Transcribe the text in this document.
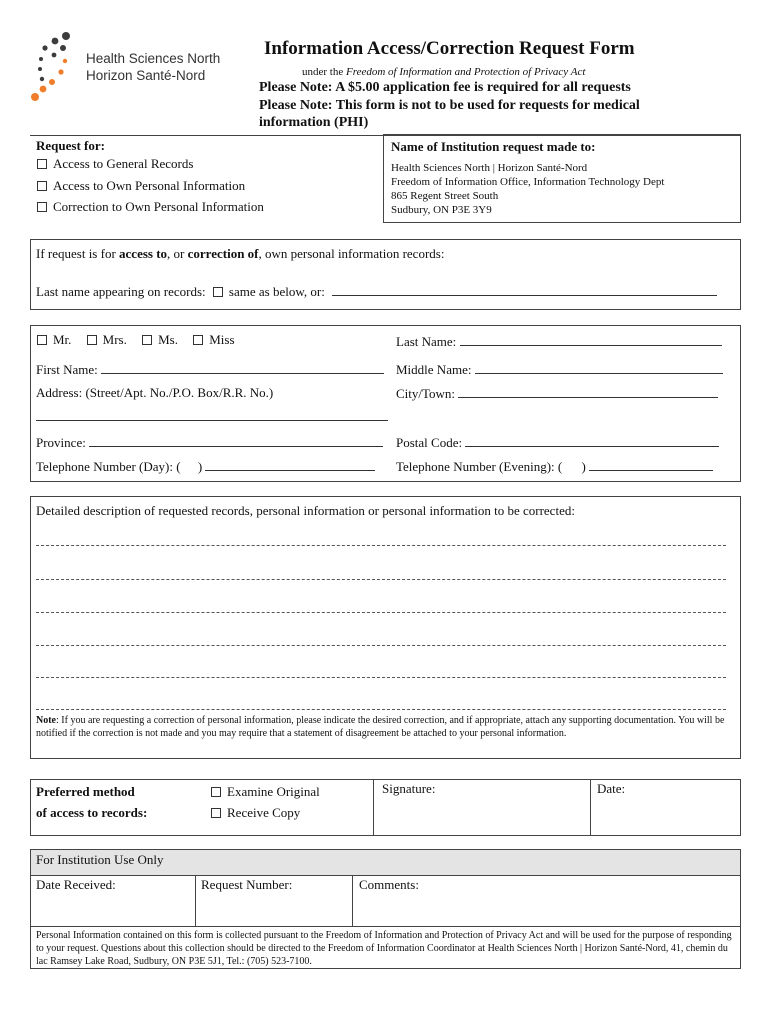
Health Sciences North
Horizon Santé-Nord
Information Access/Correction Request Form
under the Freedom of Information and Protection of Privacy Act
Please Note: A $5.00 application fee is required for all requests
Please Note: This form is not to be used for requests for medical
information (PHI)
Request for:
Access to General Records
Access to Own Personal Information
Correction to Own Personal Information
Name of Institution request made to:
Health Sciences North | Horizon Santé-Nord
Freedom of Information Office, Information Technology Dept
865 Regent Street South
Sudbury, ON P3E 3Y9
If request is for access to, or correction of, own personal information records:
Last name appearing on records: same as below, or:
Mr. Mrs. Ms. Miss	Last Name:
First Name:	Middle Name:
Address: (Street/Apt. No./P.O. Box/R.R. No.)	City/Town:
Province:	Postal Code:
Telephone Number (Day): ( )	Telephone Number (Evening): ( )
Detailed description of requested records, personal information or personal information to be corrected:
Note: If you are requesting a correction of personal information, please indicate the desired correction, and if appropriate, attach any supporting documentation. You will be notified if the correction is not made and you may require that a statement of disagreement be attached to your personal information.
Preferred method
of access to records:
Examine Original
Receive Copy
Signature:	Date:
For Institution Use Only
Date Received:	Request Number:	Comments:
Personal Information contained on this form is collected pursuant to the Freedom of Information and Protection of Privacy Act and will be used for the purpose of responding to your request. Questions about this collection should be directed to the Freedom of Information Coordinator at Health Sciences North | Horizon Santé-Nord, 41, chemin du lac Ramsey Lake Road, Sudbury, ON P3E 5J1, Tel.: (705) 523-7100.
